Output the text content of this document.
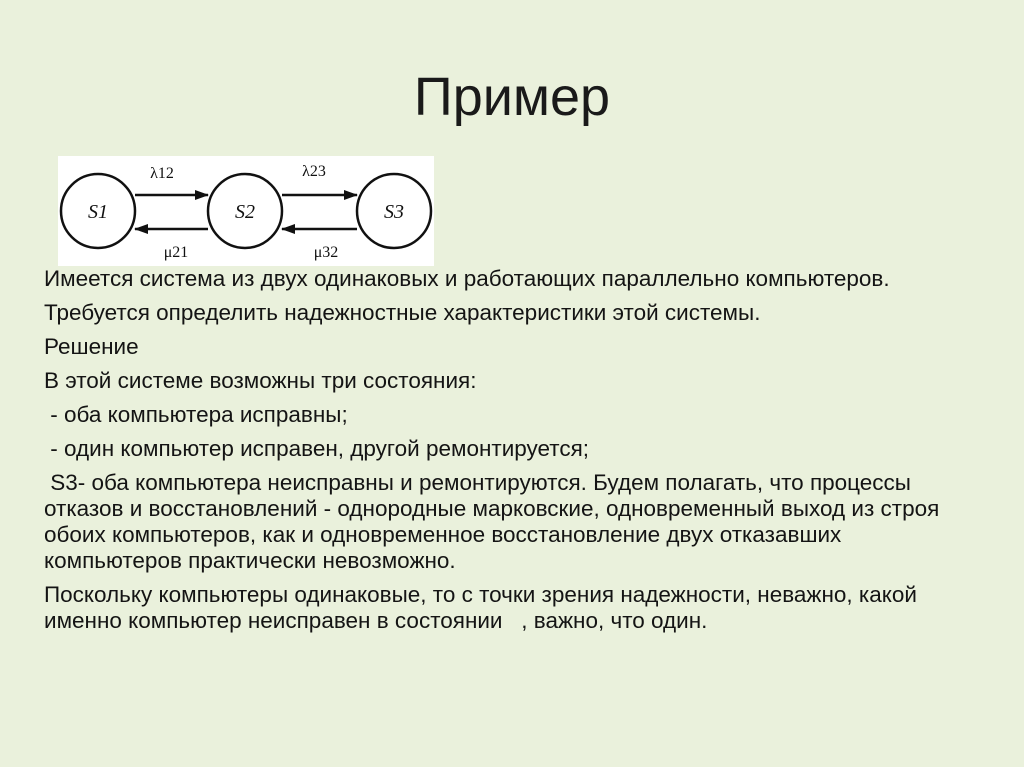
Пример
S1	S2	S3
λ12	λ23
μ21	μ32

Имеется система из двух одинаковых и работающих параллельно компьютеров.

Требуется определить надежностные характеристики этой системы.

Решение

В этой системе возможны три состояния:

- оба компьютера исправны;

- один компьютер исправен, другой ремонтируется;

S3- оба компьютера неисправны и ремонтируются. Будем полагать, что процессы отказов и восстановлений - однородные марковские, одновременный выход из строя обоих компьютеров, как и одновременное восстановление двух отказавших компьютеров практически невозможно.

Поскольку компьютеры одинаковые, то с точки зрения надежности, неважно, какой именно компьютер неисправен в состоянии   , важно, что один.
